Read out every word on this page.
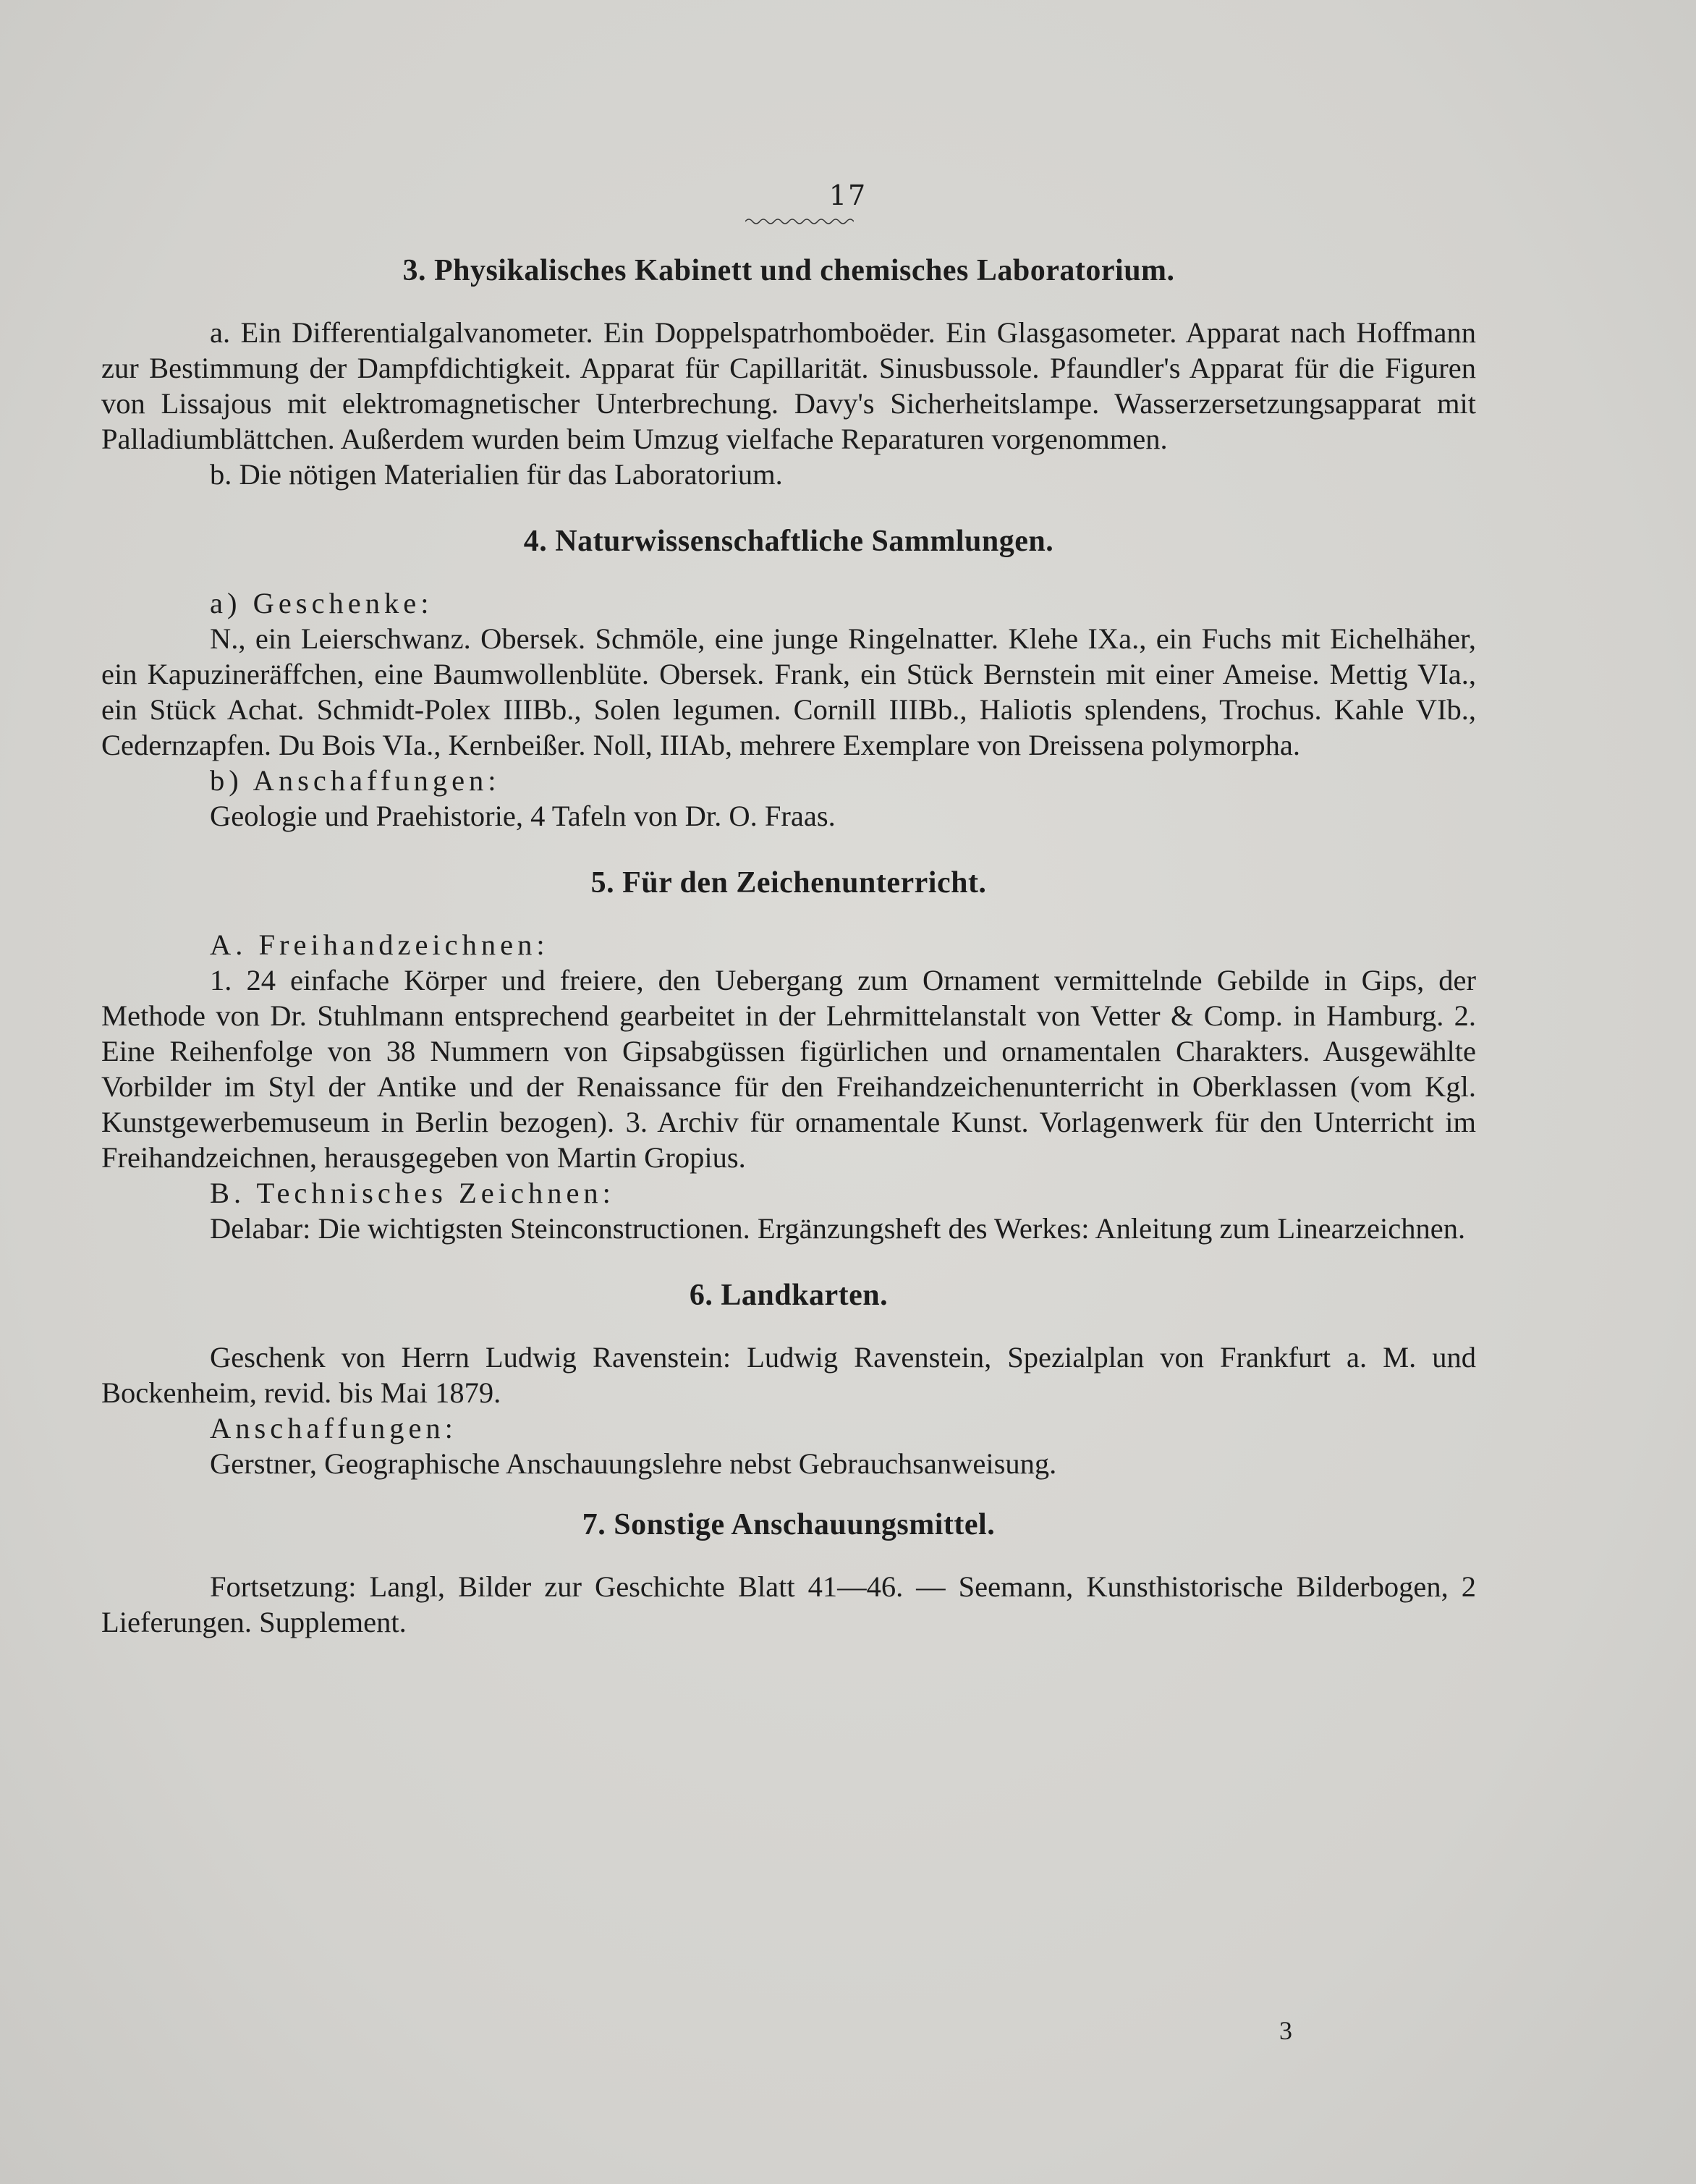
17
3. Physikalisches Kabinett und chemisches Laboratorium.

a. Ein Differentialgalvanometer. Ein Doppelspatrhomboëder. Ein Glasgasometer. Apparat nach Hoffmann zur Bestimmung der Dampfdichtigkeit. Apparat für Capillarität. Sinusbussole. Pfaundler's Apparat für die Figuren von Lissajous mit elektromagnetischer Unterbrechung. Davy's Sicherheitslampe. Wasserzersetzungsapparat mit Palladiumblättchen. Außerdem wurden beim Umzug vielfache Reparaturen vorgenommen.

b. Die nötigen Materialien für das Laboratorium.

4. Naturwissenschaftliche Sammlungen.

a) Geschenke:

N., ein Leierschwanz. Obersek. Schmöle, eine junge Ringelnatter. Klehe IXa., ein Fuchs mit Eichelhäher, ein Kapuzineräffchen, eine Baumwollenblüte. Obersek. Frank, ein Stück Bernstein mit einer Ameise. Mettig VIa., ein Stück Achat. Schmidt-Polex IIIBb., Solen legumen. Cornill IIIBb., Haliotis splendens, Trochus. Kahle VIb., Cedernzapfen. Du Bois VIa., Kernbeißer. Noll, IIIAb, mehrere Exemplare von Dreissena polymorpha.

b) Anschaffungen:

Geologie und Praehistorie, 4 Tafeln von Dr. O. Fraas.

5. Für den Zeichenunterricht.

A. Freihandzeichnen:

1. 24 einfache Körper und freiere, den Uebergang zum Ornament vermittelnde Gebilde in Gips, der Methode von Dr. Stuhlmann entsprechend gearbeitet in der Lehrmittelanstalt von Vetter & Comp. in Hamburg. 2. Eine Reihenfolge von 38 Nummern von Gipsabgüssen figürlichen und ornamentalen Charakters. Ausgewählte Vorbilder im Styl der Antike und der Renaissance für den Freihandzeichenunterricht in Oberklassen (vom Kgl. Kunstgewerbemuseum in Berlin bezogen). 3. Archiv für ornamentale Kunst. Vorlagenwerk für den Unterricht im Freihandzeichnen, herausgegeben von Martin Gropius.

B. Technisches Zeichnen:

Delabar: Die wichtigsten Steinconstructionen. Ergänzungsheft des Werkes: Anleitung zum Linearzeichnen.

6. Landkarten.

Geschenk von Herrn Ludwig Ravenstein: Ludwig Ravenstein, Spezialplan von Frankfurt a. M. und Bockenheim, revid. bis Mai 1879.

Anschaffungen:

Gerstner, Geographische Anschauungslehre nebst Gebrauchsanweisung.

7. Sonstige Anschauungsmittel.

Fortsetzung: Langl, Bilder zur Geschichte Blatt 41—46. — Seemann, Kunsthistorische Bilderbogen, 2 Lieferungen. Supplement.

3
